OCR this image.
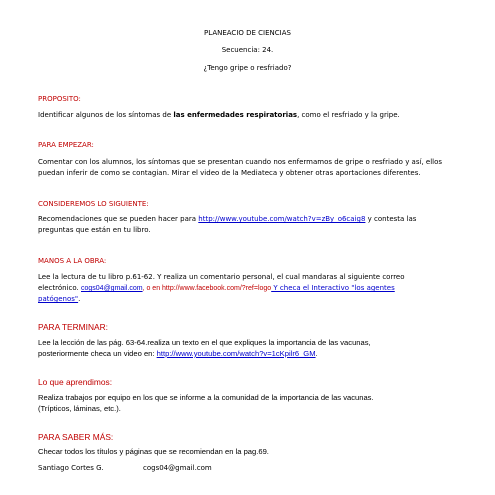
PLANEACIO DE CIENCIAS
Secuencia: 24.
¿Tengo gripe o resfriado?
PROPOSITO:
Identificar algunos de los síntomas de las enfermedades respiratorias, como el resfriado y la gripe.
PARA EMPEZAR:
Comentar con los alumnos, los síntomas que se presentan cuando nos enfermamos de gripe o resfriado y así, ellos
puedan inferir de como se contagian. Mirar el video de la Mediateca y obtener otras aportaciones diferentes.
CONSIDEREMOS LO SIGUIENTE:
Recomendaciones que se pueden hacer para http://www.youtube.com/watch?v=zBy_o6caig8 y contesta las
preguntas que están en tu libro.
MANOS A LA OBRA:
Lee la lectura de tu libro p.61-62. Y realiza un comentario personal, el cual mandaras al siguiente correo
electrónico. cogs04@gmail.com, o en http://www.facebook.com/?ref=logo Y checa el Interactivo "los agentes
patógenos".
PARA TERMINAR:
Lee la lección de las pág. 63-64.realiza un texto en el que expliques la importancia de las vacunas,
posteriormente checa un video en: http://www.youtube.com/watch?v=1cKpilr6_GM.
Lo que aprendimos:
Realiza trabajos por equipo en los que se informe a la comunidad de la importancia de las vacunas.
(Trípticos, láminas, etc.).
PARA SABER MÁS:
Checar todos los títulos y páginas que se recomiendan en la pag.69.
Santiago Cortes G.	cogs04@gmail.com
